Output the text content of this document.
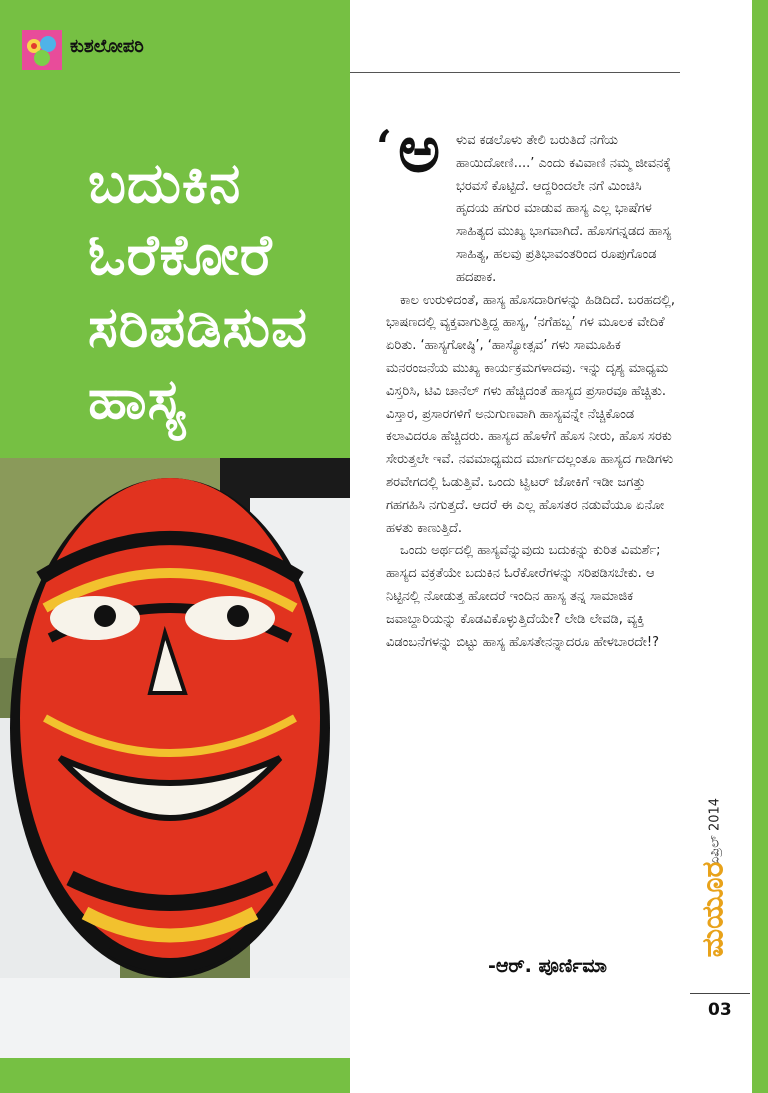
ಕುಶಲೋಪರಿ
ಬದುಕಿನ
ಓರೆಕೋರೆ
ಸರಿಪಡಿಸುವ
ಹಾಸ್ಯ
‘ ಅ	ಳುವ ಕಡಲೊಳು ತೇಲಿ ಬರುತಿದೆ ನಗೆಯ ಹಾಯಿದೋಣಿ....’ ಎಂದು ಕವಿವಾಣಿ ನಮ್ಮ ಜೀವನಕ್ಕೆ ಭರವಸೆ ಕೊಟ್ಟಿದೆ. ಆದ್ದರಿಂದಲೇ ನಗೆ ಮಿಂಚಿಸಿ ಹೃದಯ ಹಗುರ ಮಾಡುವ ಹಾಸ್ಯ ಎಲ್ಲ ಭಾಷೆಗಳ ಸಾಹಿತ್ಯದ ಮುಖ್ಯ ಭಾಗವಾಗಿದೆ. ಹೊಸಗನ್ನಡದ ಹಾಸ್ಯ ಸಾಹಿತ್ಯ, ಹಲವು ಪ್ರತಿಭಾವಂತರಿಂದ ರೂಪುಗೊಂಡ ಹದಪಾಕ.

ಕಾಲ ಉರುಳಿದಂತೆ, ಹಾಸ್ಯ ಹೊಸದಾರಿಗಳನ್ನು ಹಿಡಿದಿದೆ. ಬರಹದಲ್ಲಿ, ಭಾಷಣದಲ್ಲಿ ವ್ಯಕ್ತವಾಗುತ್ತಿದ್ದ ಹಾಸ್ಯ, ‘ನಗೆಹಬ್ಬ’ ಗಳ ಮೂಲಕ ವೇದಿಕೆ ಏರಿತು. ‘ಹಾಸ್ಯಗೋಷ್ಠಿ’, ‘ಹಾಸ್ಯೋತ್ಸವ’ ಗಳು ಸಾಮೂಹಿಕ ಮನರಂಜನೆಯ ಮುಖ್ಯ ಕಾರ್ಯಕ್ರಮಗಳಾದವು. ಇನ್ನು ದೃಶ್ಯ ಮಾಧ್ಯಮ ವಿಸ್ತರಿಸಿ, ಟಿವಿ ಚಾನೆಲ್ ಗಳು ಹೆಚ್ಚಿದಂತೆ ಹಾಸ್ಯದ ಪ್ರಸಾರವೂ ಹೆಚ್ಚಿತು. ವಿಸ್ತಾರ, ಪ್ರಸಾರಗಳಿಗೆ ಅನುಗುಣವಾಗಿ ಹಾಸ್ಯವನ್ನೇ ನೆಚ್ಚಿಕೊಂಡ ಕಲಾವಿದರೂ ಹೆಚ್ಚಿದರು. ಹಾಸ್ಯದ ಹೊಳೆಗೆ ಹೊಸ ನೀರು, ಹೊಸ ಸರಕು ಸೇರುತ್ತಲೇ ಇವೆ. ನವಮಾಧ್ಯಮದ ಮಾರ್ಗದಲ್ಲಂತೂ ಹಾಸ್ಯದ ಗಾಡಿಗಳು ಶರವೇಗದಲ್ಲಿ ಓಡುತ್ತಿವೆ. ಒಂದು ಟ್ವಿಟರ್ ಜೋಕಿಗೆ ಇಡೀ ಜಗತ್ತು ಗಹಗಹಿಸಿ ನಗುತ್ತದೆ. ಆದರೆ ಈ ಎಲ್ಲ ಹೊಸತರ ನಡುವೆಯೂ ಏನೋ ಹಳತು ಕಾಣುತ್ತಿದೆ.

ಒಂದು ಅರ್ಥದಲ್ಲಿ ಹಾಸ್ಯವೆನ್ನುವುದು ಬದುಕನ್ನು ಕುರಿತ ವಿಮರ್ಶೆ; ಹಾಸ್ಯದ ವಕ್ರತೆಯೇ ಬದುಕಿನ ಓರೆಕೋರೆಗಳನ್ನು ಸರಿಪಡಿಸಬೇಕು. ಆ ನಿಟ್ಟಿನಲ್ಲಿ ನೋಡುತ್ತ ಹೋದರೆ ಇಂದಿನ ಹಾಸ್ಯ ತನ್ನ ಸಾಮಾಜಿಕ ಜವಾಬ್ದಾರಿಯನ್ನು ಕೊಡವಿಕೊಳ್ಳುತ್ತಿದೆಯೇ? ಲೇಡಿ ಲೇವಡಿ, ವ್ಯಕ್ತಿ ವಿಡಂಬನೆಗಳನ್ನು ಬಿಟ್ಟು ಹಾಸ್ಯ ಹೊಸತೇನನ್ನಾದರೂ ಹೇಳಬಾರದೇ!?

-ಆರ್. ಪೂರ್ಣಿಮಾ
ಏಪ್ರಿಲ್ 2014
ಮಯೂರ
03
